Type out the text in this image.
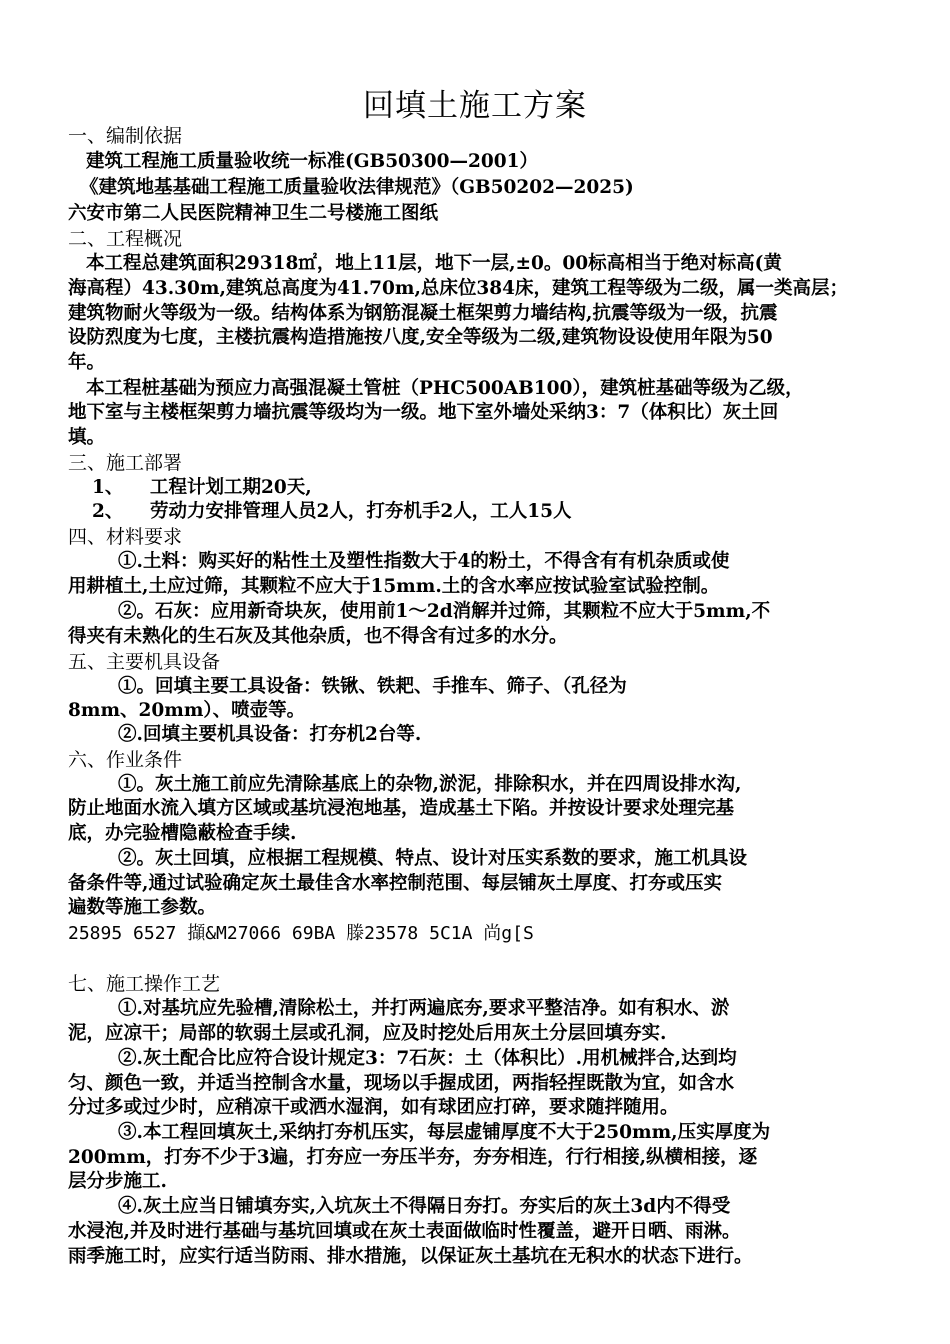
回填土施工方案
一、编制依据
建筑工程施工质量验收统一标准(GB50300—2001）
《建筑地基基础工程施工质量验收法律规范》（GB50202—2025)
六安市第二人民医院精神卫生二号楼施工图纸
二、工程概况
本工程总建筑面积29318㎡，地上11层，地下一层,±0。00标高相当于绝对标高(黄
海高程）43.30m,建筑总高度为41.70m,总床位384床，建筑工程等级为二级，属一类高层；
建筑物耐火等级为一级。结构体系为钢筋混凝土框架剪力墙结构,抗震等级为一级，抗震
设防烈度为七度，主楼抗震构造措施按八度,安全等级为二级,建筑物设设使用年限为50
年。
本工程桩基础为预应力高强混凝土管桩（PHC500AB100），建筑桩基础等级为乙级，
地下室与主楼框架剪力墙抗震等级均为一级。地下室外墙处采纳3：7（体积比）灰土回
填。
三、施工部署
1、 工程计划工期20天,
2、 劳动力安排管理人员2人，打夯机手2人，工人15人
四、材料要求
①.土料：购买好的粘性土及塑性指数大于4的粉土，不得含有有机杂质或使
用耕植土,土应过筛，其颗粒不应大于15mm.土的含水率应按试验室试验控制。
②。石灰：应用新奇块灰，使用前1～2d消解并过筛，其颗粒不应大于5mm,不
得夹有未熟化的生石灰及其他杂质，也不得含有过多的水分。
五、主要机具设备
①。回填主要工具设备：铁锹、铁耙、手推车、筛子、（孔径为
8mm、20mm）、喷壶等。
②.回填主要机具设备：打夯机2台等.
六、作业条件
①。灰土施工前应先清除基底上的杂物,淤泥，排除积水，并在四周设排水沟,
防止地面水流入填方区域或基坑浸泡地基，造成基土下陷。并按设计要求处理完基
底，办完验槽隐蔽检查手续.
②。灰土回填，应根据工程规模、特点、设计对压实系数的要求，施工机具设
备条件等,通过试验确定灰土最佳含水率控制范围、每层铺灰土厚度、打夯或压实
遍数等施工参数。
25895 6527 擷&M27066 69BA 滕23578 5C1A 尚g[S
七、施工操作工艺
①.对基坑应先验槽,清除松土，并打两遍底夯,要求平整洁净。如有积水、淤
泥，应凉干；局部的软弱土层或孔洞，应及时挖处后用灰土分层回填夯实.
②.灰土配合比应符合设计规定3：7石灰：土（体积比）.用机械拌合,达到均
匀、颜色一致，并适当控制含水量，现场以手握成团，两指轻捏既散为宜，如含水
分过多或过少时，应稍凉干或洒水湿润，如有球团应打碎，要求随拌随用。
③.本工程回填灰土,采纳打夯机压实，每层虚铺厚度不大于250mm,压实厚度为
200mm，打夯不少于3遍，打夯应一夯压半夯，夯夯相连，行行相接,纵横相接，逐
层分步施工.
④.灰土应当日铺填夯实,入坑灰土不得隔日夯打。夯实后的灰土3d内不得受
水浸泡,并及时进行基础与基坑回填或在灰土表面做临时性覆盖，避开日晒、雨淋。
雨季施工时，应实行适当防雨、排水措施，以保证灰土基坑在无积水的状态下进行。
